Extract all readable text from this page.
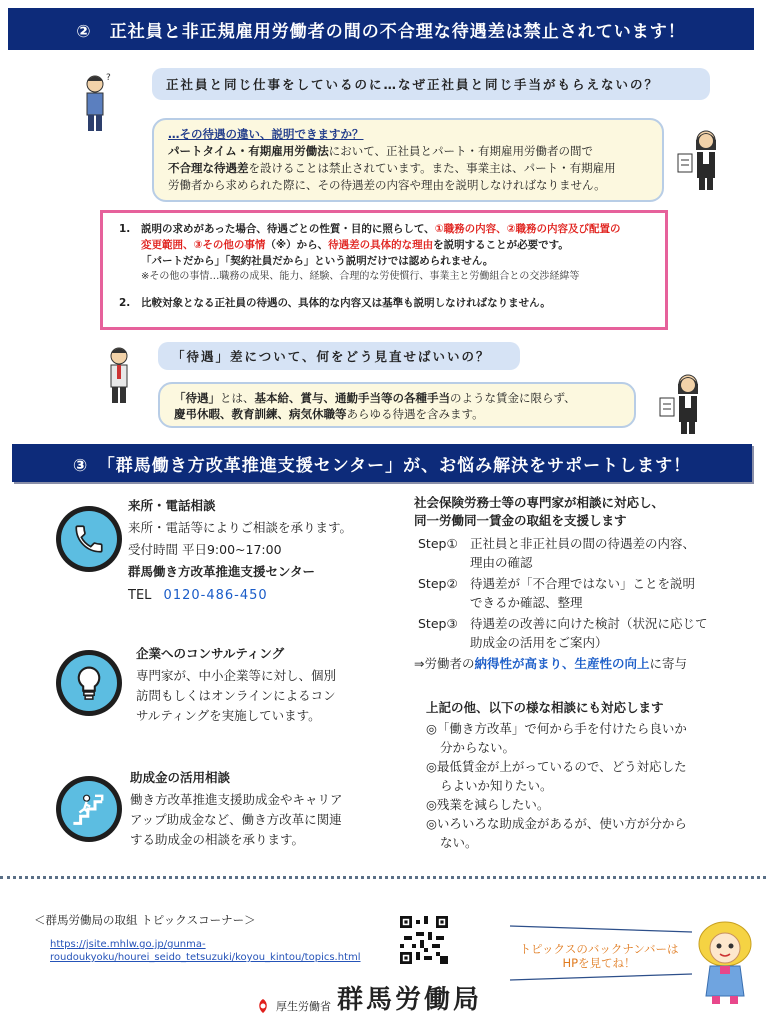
②　正社員と非正規雇用労働者の間の不合理な待遇差は禁止されています！
?	正社員と同じ仕事をしているのに…なぜ正社員と同じ手当がもらえないの？
…その待遇の違い、説明できますか？
パートタイム・有期雇用労働法において、正社員とパート・有期雇用労働者の間で
不合理な待遇差を設けることは禁止されています。また、事業主は、パート・有期雇用
労働者から求められた際に、その待遇差の内容や理由を説明しなければなりません。
1.	説明の求めがあった場合、待遇ごとの性質・目的に照らして、①職務の内容、②職務の内容及び配置の
変更範囲、③その他の事情（※）から、待遇差の具体的な理由を説明することが必要です。
「パートだから」「契約社員だから」という説明だけでは認められません。
※その他の事情…職務の成果、能力、経験、合理的な労使慣行、事業主と労働組合との交渉経緯等
2.	比較対象となる正社員の待遇の、具体的な内容又は基準も説明しなければなりません。
「待遇」差について、何をどう見直せばいいの？
「待遇」とは、基本給、賞与、通勤手当等の各種手当のような賃金に限らず、
慶弔休暇、教育訓練、病気休職等あらゆる待遇を含みます。
③　「群馬働き方改革推進支援センター」が、お悩み解決をサポートします！
来所・電話相談
来所・電話等によりご相談を承ります。
受付時間 平日9:00~17:00
群馬働き方改革推進支援センター
TEL 0120-486-450
企業へのコンサルティング
専門家が、中小企業等に対し、個別
訪問もしくはオンラインによるコン
サルティングを実施しています。
助成金の活用相談
働き方改革推進支援助成金やキャリア
アップ助成金など、働き方改革に関連
する助成金の相談を承ります。
社会保険労務士等の専門家が相談に対応し、
同一労働同一賃金の取組を支援します
Step① 正社員と非正社員の間の待遇差の内容、
理由の確認
Step② 待遇差が「不合理ではない」ことを説明
できるか確認、整理
Step③ 待遇差の改善に向けた検討（状況に応じて
助成金の活用をご案内）
⇒労働者の納得性が高まり、生産性の向上に寄与
上記の他、以下の様な相談にも対応します
◎「働き方改革」で何から手を付けたら良いか
分からない。
◎最低賃金が上がっているので、どう対応した
らよいか知りたい。
◎残業を減らしたい。
◎いろいろな助成金があるが、使い方が分から
ない。
＜群馬労働局の取組 トピックスコーナー＞
https://jsite.mhlw.go.jp/gunma-
roudoukyoku/hourei_seido_tetsuzuki/koyou_kintou/topics.html
トピックスのバックナンバーは
HPを見てね！
厚生労働省 群馬労働局
